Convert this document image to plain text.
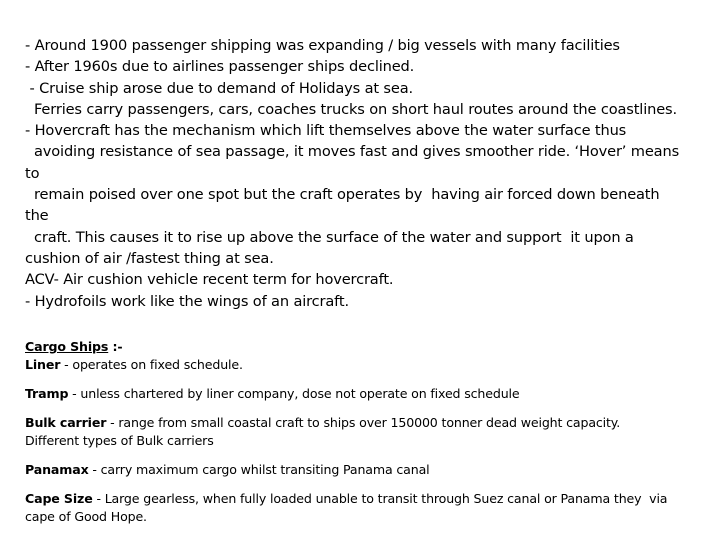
- Around 1900 passenger shipping was expanding / big vessels with many facilities
- After 1960s due to airlines passenger ships declined.
- Cruise ship arose due to demand of Holidays at sea.
Ferries carry passengers, cars, coaches trucks on short haul routes around the coastlines.
- Hovercraft has the mechanism which lift themselves above the water surface thus
avoiding resistance of sea passage, it moves fast and gives smoother ride. ‘Hover’ means
to
remain poised over one spot but the craft operates by  having air forced down beneath
the
craft. This causes it to rise up above the surface of the water and support  it upon a
cushion of air /fastest thing at sea.
ACV- Air cushion vehicle recent term for hovercraft.
- Hydrofoils work like the wings of an aircraft.
Cargo Ships :-
Liner - operates on fixed schedule.
Tramp - unless chartered by liner company, dose not operate on fixed schedule
Bulk carrier - range from small coastal craft to ships over 150000 tonner dead weight capacity.
Different types of Bulk carriers
Panamax - carry maximum cargo whilst transiting Panama canal
Cape Size - Large gearless, when fully loaded unable to transit through Suez canal or Panama they  via
cape of Good Hope.
